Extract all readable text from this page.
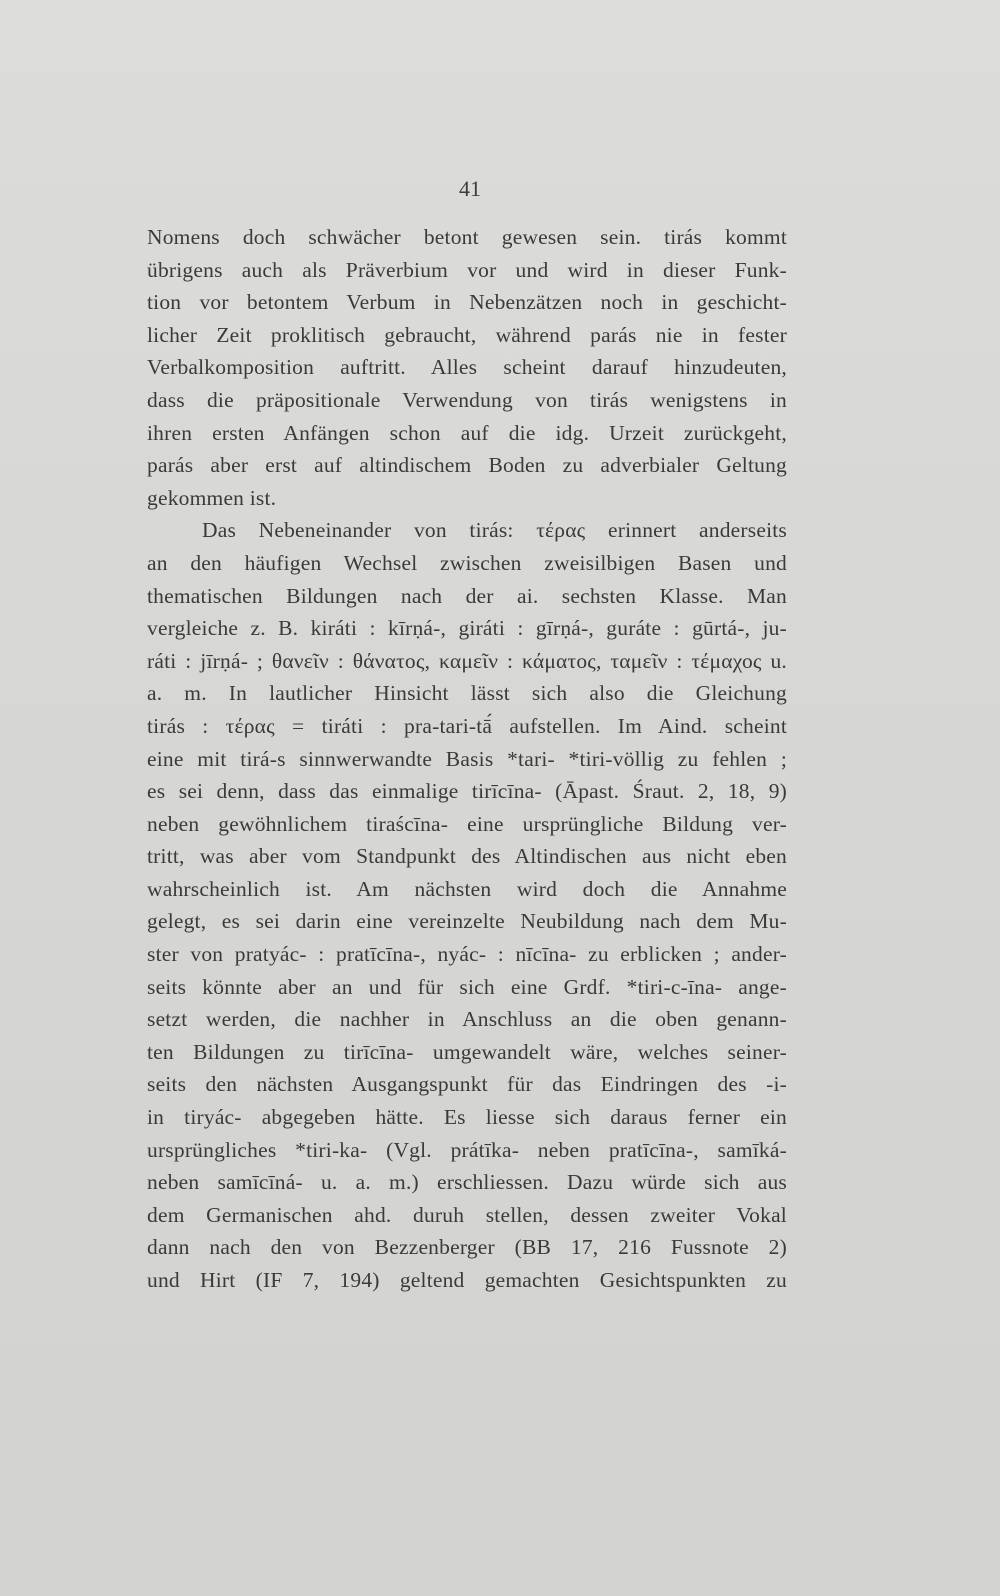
41
Nomens doch schwächer betont gewesen sein. tirás kommt
übrigens auch als Präverbium vor und wird in dieser Funk-
tion vor betontem Verbum in Nebenzätzen noch in geschicht-
licher Zeit proklitisch gebraucht, während parás nie in fester
Verbalkomposition auftritt. Alles scheint darauf hinzudeuten,
dass die präpositionale Verwendung von tirás wenigstens in
ihren ersten Anfängen schon auf die idg. Urzeit zurückgeht,
parás aber erst auf altindischem Boden zu adverbialer Geltung
gekommen ist.
Das Nebeneinander von tirás: τέρας erinnert anderseits
an den häufigen Wechsel zwischen zweisilbigen Basen und
thematischen Bildungen nach der ai. sechsten Klasse. Man
vergleiche z. B. kiráti : kīrṇá-, giráti : gīrṇá-, guráte : gūrtá-, ju-
ráti : jīrṇá- ; θανεῖν : θάνατος, καμεῖν : κάματος, ταμεῖν : τέμαχος u.
a. m. In lautlicher Hinsicht lässt sich also die Gleichung
tirás : τέρας = tiráti : pra-tari-tā́ aufstellen. Im Aind. scheint
eine mit tirá-s sinnwerwandte Basis *tari- *tiri-völlig zu fehlen ;
es sei denn, dass das einmalige tirīcīna- (Āpast. Śraut. 2, 18, 9)
neben gewöhnlichem tiraścīna- eine ursprüngliche Bildung ver-
tritt, was aber vom Standpunkt des Altindischen aus nicht eben
wahrscheinlich ist. Am nächsten wird doch die Annahme
gelegt, es sei darin eine vereinzelte Neubildung nach dem Mu-
ster von pratyác- : pratīcīna-, nyác- : nīcīna- zu erblicken ; ander-
seits könnte aber an und für sich eine Grdf. *tiri-c-īna- ange-
setzt werden, die nachher in Anschluss an die oben genann-
ten Bildungen zu tirīcīna- umgewandelt wäre, welches seiner-
seits den nächsten Ausgangspunkt für das Eindringen des -i-
in tiryác- abgegeben hätte. Es liesse sich daraus ferner ein
ursprüngliches *tiri-ka- (Vgl. prátīka- neben pratīcīna-, samīká-
neben samīcīná- u. a. m.) erschliessen. Dazu würde sich aus
dem Germanischen ahd. duruh stellen, dessen zweiter Vokal
dann nach den von Bezzenberger (BB 17, 216 Fussnote 2)
und Hirt (IF 7, 194) geltend gemachten Gesichtspunkten zu
